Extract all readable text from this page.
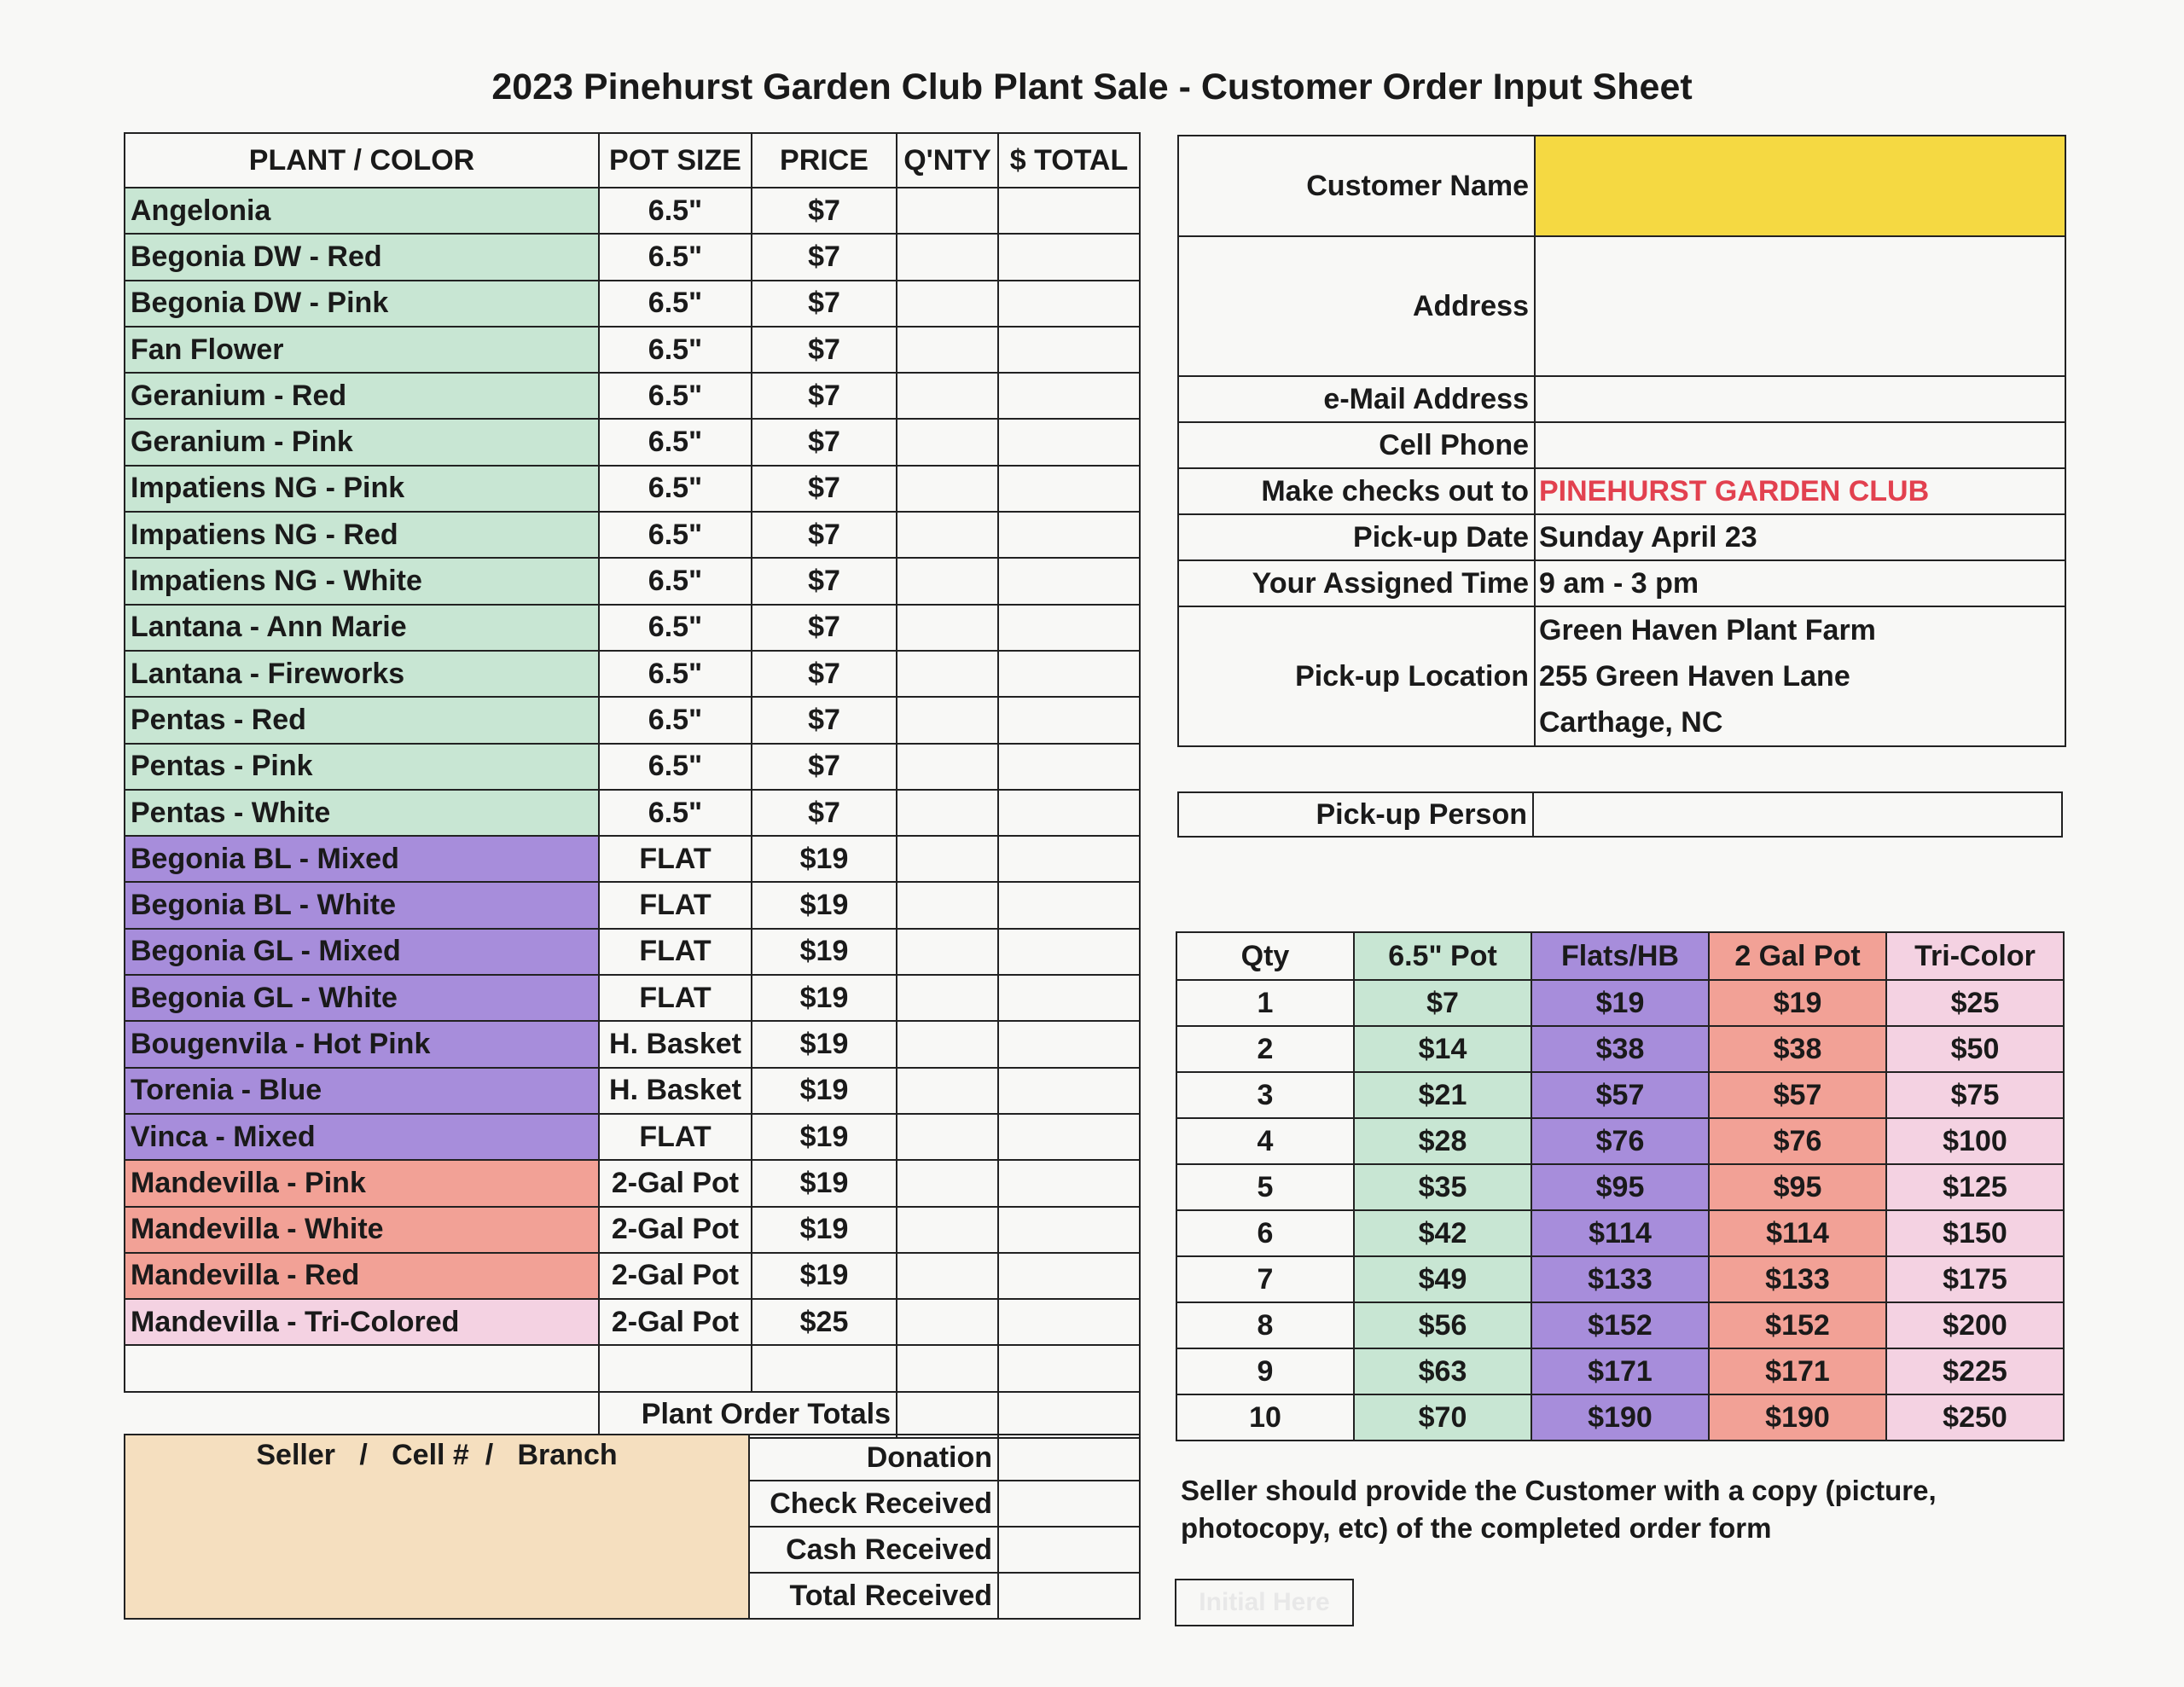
2023 Pinehurst Garden Club Plant Sale - Customer Order Input Sheet
PLANT / COLOR	POT SIZE	PRICE	Q'NTY	$ TOTAL
Angelonia	6.5"	$7		
Begonia DW - Red	6.5"	$7		
Begonia DW - Pink	6.5"	$7		
Fan Flower	6.5"	$7		
Geranium - Red	6.5"	$7		
Geranium - Pink	6.5"	$7		
Impatiens NG - Pink	6.5"	$7		
Impatiens NG - Red	6.5"	$7		
Impatiens NG - White	6.5"	$7		
Lantana - Ann Marie	6.5"	$7		
Lantana - Fireworks	6.5"	$7		
Pentas - Red	6.5"	$7		
Pentas - Pink	6.5"	$7		
Pentas - White	6.5"	$7		
Begonia BL - Mixed	FLAT	$19		
Begonia BL - White	FLAT	$19		
Begonia GL - Mixed	FLAT	$19		
Begonia GL - White	FLAT	$19		
Bougenvila - Hot Pink	H. Basket	$19		
Torenia - Blue	H. Basket	$19		
Vinca - Mixed	FLAT	$19		
Mandevilla - Pink	2-Gal Pot	$19		
Mandevilla - White	2-Gal Pot	$19		
Mandevilla - Red	2-Gal Pot	$19		
Mandevilla - Tri-Colored	2-Gal Pot	$25		

	Plant Order Totals			
Seller   /   Cell #  /   Branch	Donation	
	Check Received	
	Cash Received	
	Total Received	
Customer Name	
Address	
e-Mail Address	
Cell Phone	
Make checks out to	PINEHURST GARDEN CLUB
Pick-up Date	Sunday April 23
Your Assigned Time	9 am - 3 pm
Pick-up Location	Green Haven Plant Farm
255 Green Haven Lane
Carthage, NC
Pick-up Person	
Qty	6.5" Pot	Flats/HB	2 Gal Pot	Tri-Color
1	$7	$19	$19	$25
2	$14	$38	$38	$50
3	$21	$57	$57	$75
4	$28	$76	$76	$100
5	$35	$95	$95	$125
6	$42	$114	$114	$150
7	$49	$133	$133	$175
8	$56	$152	$152	$200
9	$63	$171	$171	$225
10	$70	$190	$190	$250
Seller should provide the Customer with a copy (picture,
photocopy, etc) of the completed order form
Initial Here
